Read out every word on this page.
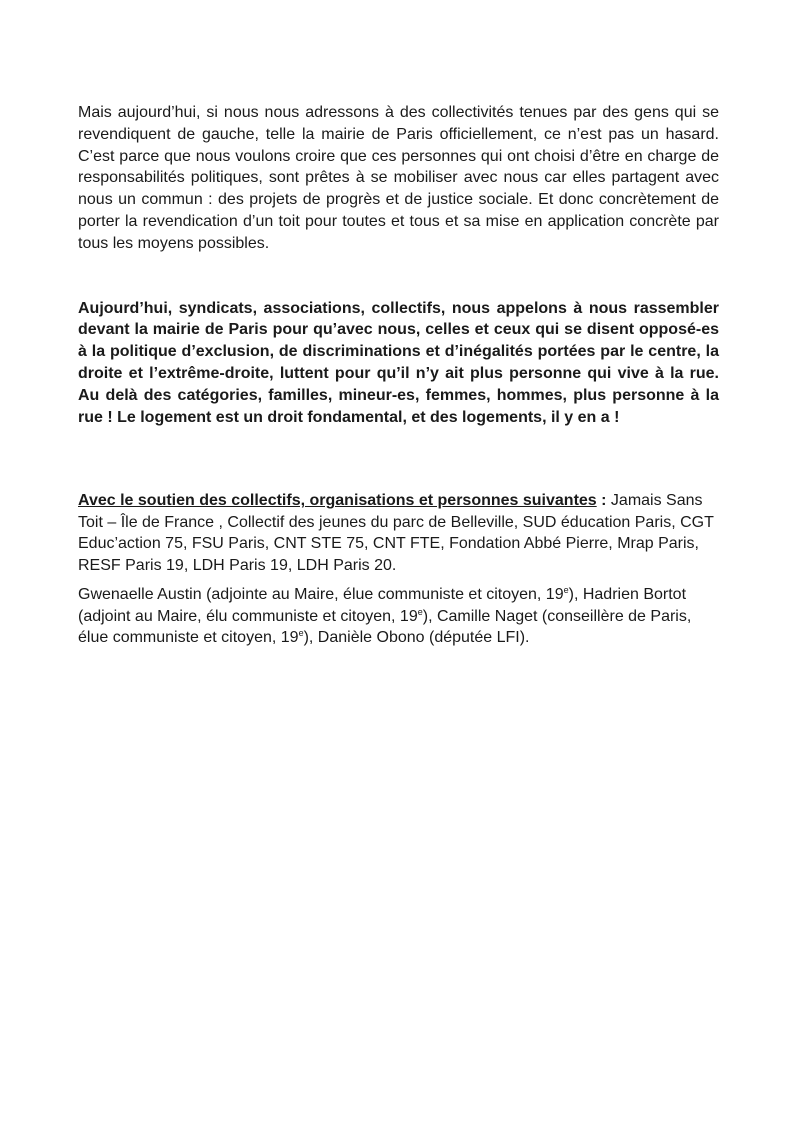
Mais aujourd’hui, si nous nous adressons à des collectivités tenues par des gens qui se revendiquent de gauche, telle la mairie de Paris officiellement, ce n’est pas un hasard. C’est parce que nous voulons croire que ces personnes qui ont choisi d’être en charge de responsabilités politiques, sont prêtes à se mobiliser avec nous car elles partagent avec nous un commun : des projets de progrès et de justice sociale. Et donc concrètement de porter la revendication d’un toit pour toutes et tous et sa mise en application concrète par tous les moyens possibles.

Aujourd’hui, syndicats, associations, collectifs, nous appelons à nous rassembler devant la mairie de Paris pour qu’avec nous, celles et ceux qui se disent opposé-es à la politique d’exclusion, de discriminations et d’inégalités portées par le centre, la droite et l’extrême-droite, luttent pour qu’il n’y ait plus personne qui vive à la rue. Au delà des catégories, familles, mineur-es, femmes, hommes, plus personne à la rue ! Le logement est un droit fondamental, et des logements, il y en a !

Avec le soutien des collectifs, organisations et personnes suivantes : Jamais Sans Toit – Île de France , Collectif des jeunes du parc de Belleville, SUD éducation Paris, CGT Educ’action 75, FSU Paris, CNT STE 75, CNT FTE, Fondation Abbé Pierre, Mrap Paris, RESF Paris 19, LDH Paris 19, LDH Paris 20.

Gwenaelle Austin (adjointe au Maire, élue communiste et citoyen, 19e), Hadrien Bortot (adjoint au Maire, élu communiste et citoyen, 19e), Camille Naget (conseillère de Paris, élue communiste et citoyen, 19e), Danièle Obono (députée LFI).
